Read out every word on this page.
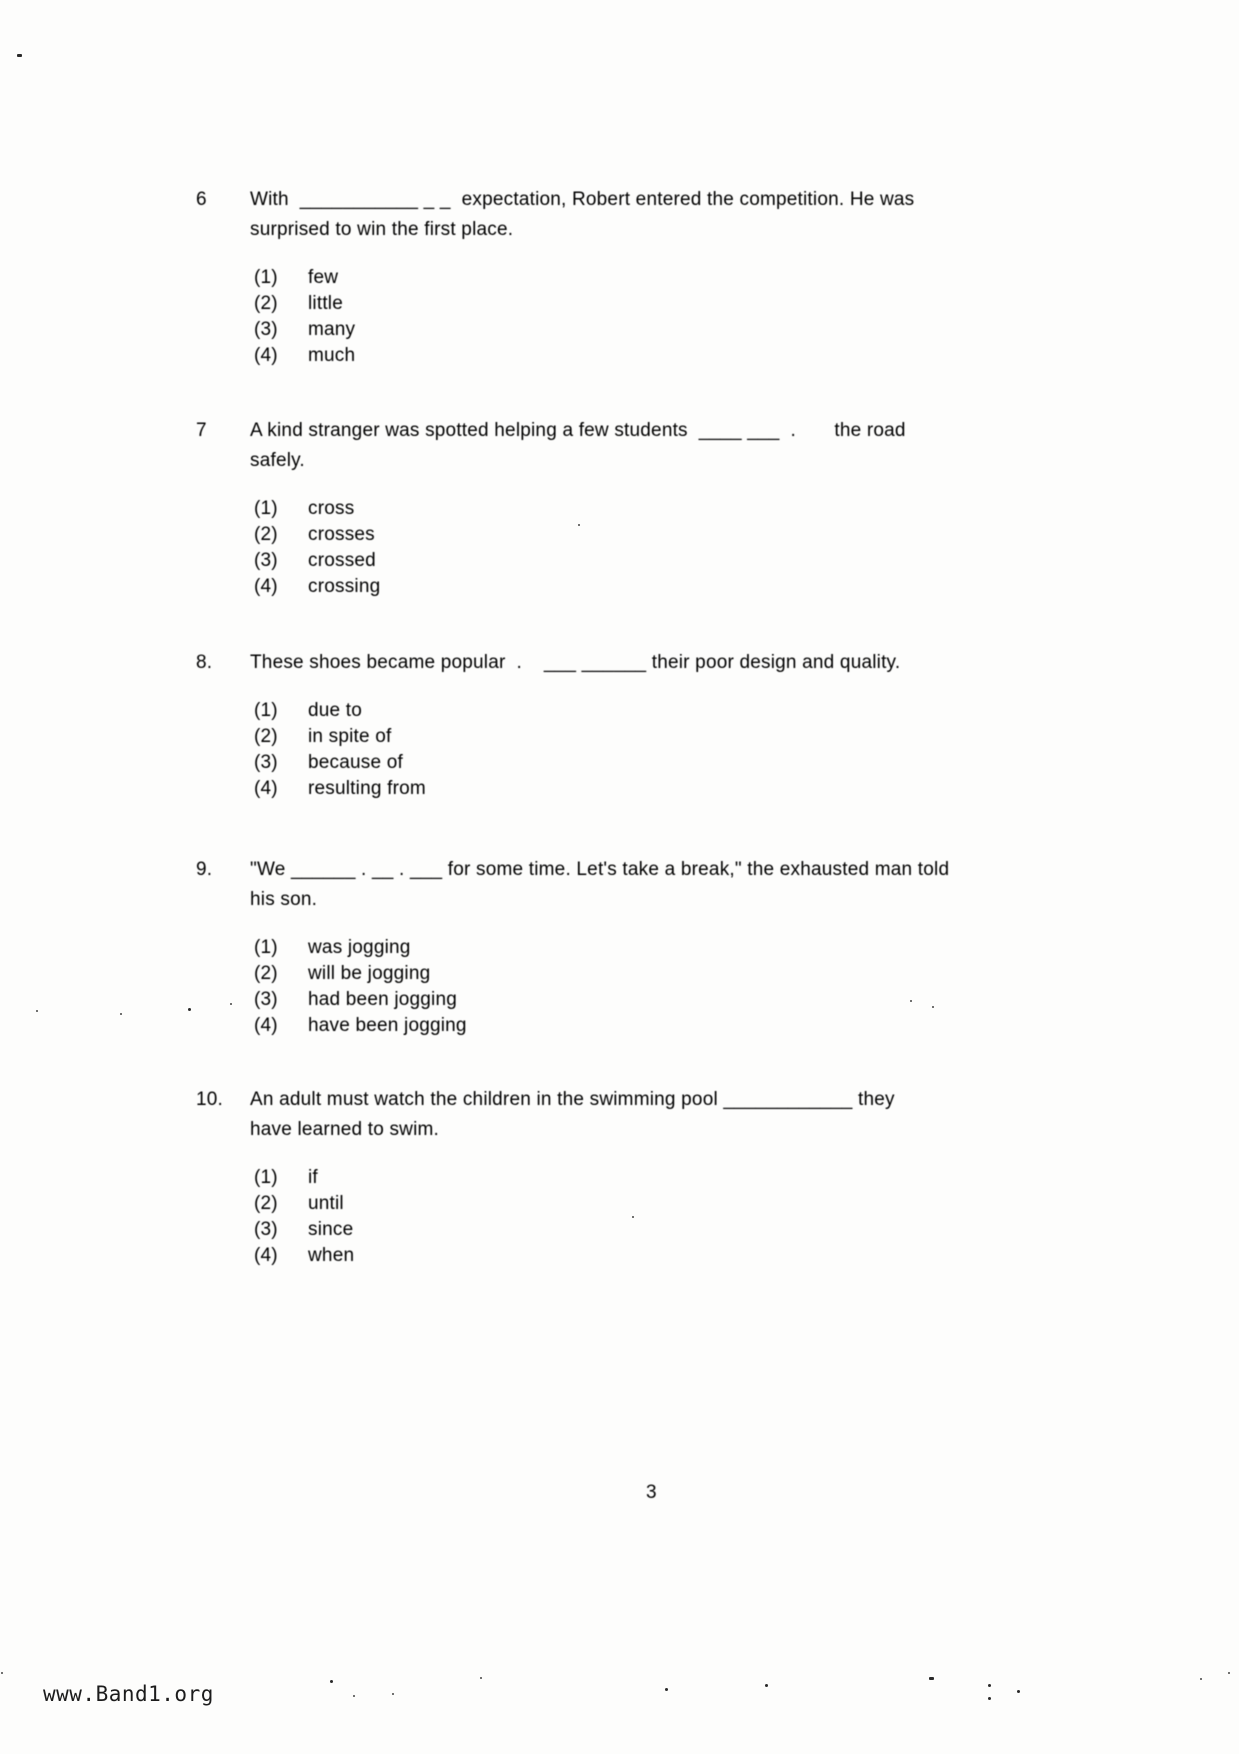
6 With  ___________ _ _  expectation, Robert entered the competition. He was
surprised to win the first place.
(1) few
(2) little
(3) many
(4) much
7 A kind stranger was spotted helping a few students  ____ ___  .       the road
safely.
(1) cross
(2) crosses
(3) crossed
(4) crossing
8. These shoes became popular  .    ___ ______ their poor design and quality.
(1) due to
(2) in spite of
(3) because of
(4) resulting from
9. "We ______ . __ . ___ for some time. Let's take a break," the exhausted man told
his son.
(1) was jogging
(2) will be jogging
(3) had been jogging
(4) have been jogging
10. An adult must watch the children in the swimming pool ____________ they
have learned to swim.
(1) if
(2) until
(3) since
(4) when
3
www.Band1.org
